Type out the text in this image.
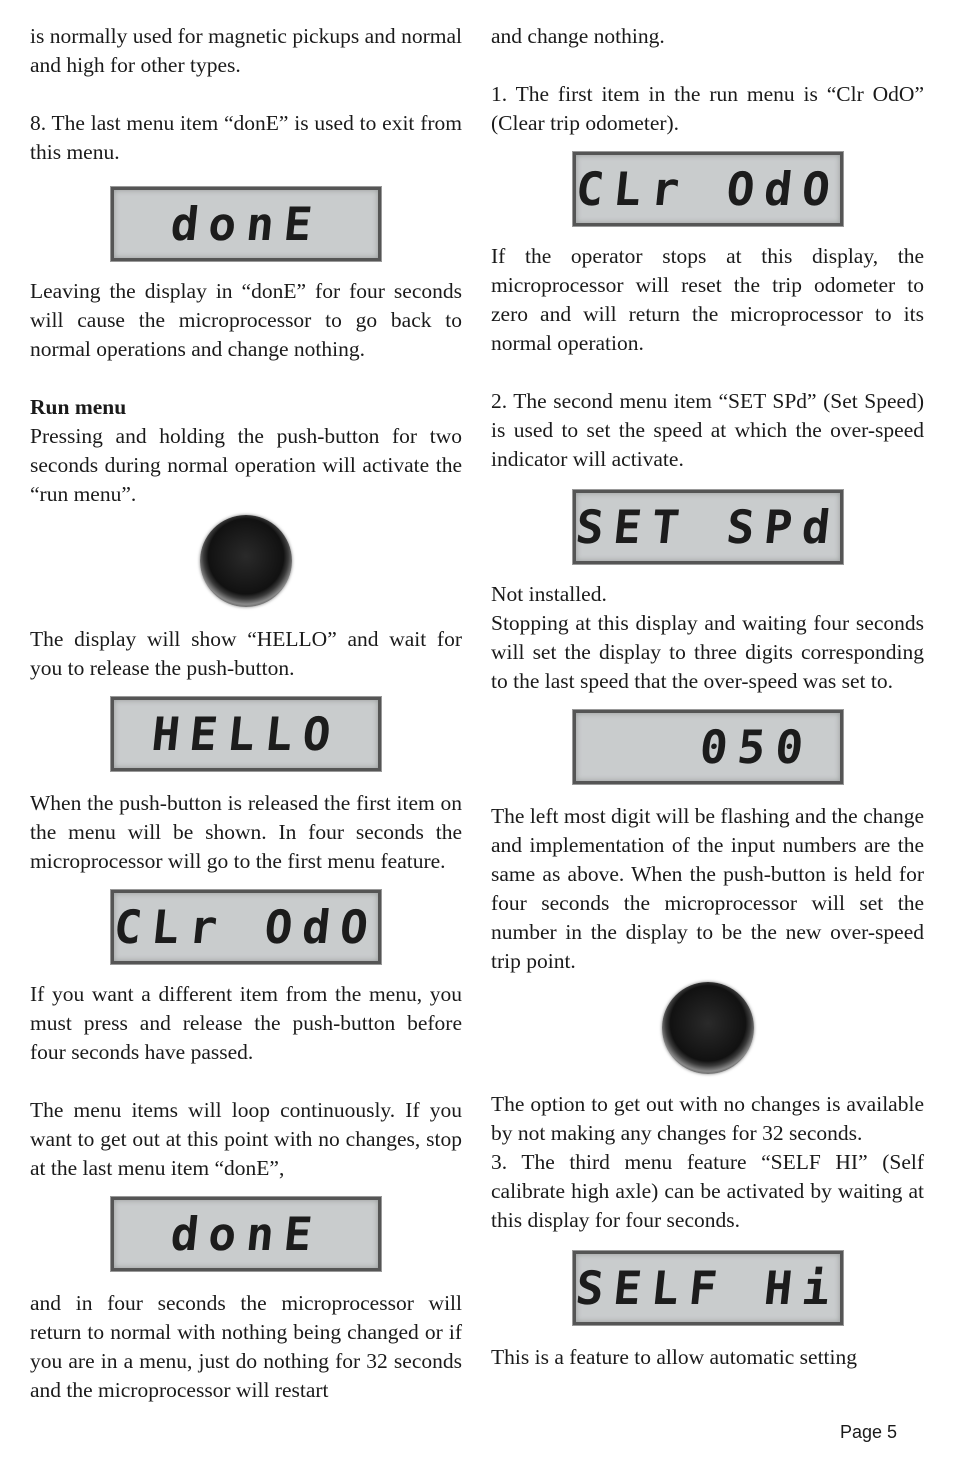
is normally used for magnetic pickups and normal and high for other types.

8. The last menu item “donE” is used to exit from this menu.

donE

Leaving the display in “donE” for four seconds will cause the microprocessor to go back to normal operations and change nothing.

Run menu

Pressing and holding the push-button for two seconds during normal operation will activate the “run menu”.

The display will show “HELLO” and wait for you to release the push-button.

HELLO

When the push-button is released the first item on the menu will be shown. In four seconds the microprocessor will go to the first menu feature.

CLr OdO

If you want a different item from the menu, you must press and release the push-button before four seconds have passed.

The menu items will loop continuously. If you want to get out at this point with no changes, stop at the last menu item “donE”,

donE

and in four seconds the microprocessor will return to normal with nothing being changed or if you are in a menu, just do nothing for 32 seconds and the microprocessor will restart

and change nothing.

1. The first item in the run menu is “Clr OdO” (Clear trip odometer).

CLr OdO

If the operator stops at this display, the microprocessor will reset the trip odometer to zero and will return the microprocessor to its normal operation.

2. The second menu item “SET SPd” (Set Speed) is used to set the speed at which the over-speed indicator will activate.

SET SPd

Not installed.

Stopping at this display and waiting four seconds will set the display to three digits corresponding to the last speed that the over-speed was set to.

050

The left most digit will be flashing and the change and implementation of the input numbers are the same as above. When the push-button is held for four seconds the microprocessor will set the number in the display to be the new over-speed trip point.

The option to get out with no changes is available by not making any changes for 32 seconds.

3. The third menu feature “SELF HI” (Self calibrate high axle) can be activated by waiting at this display for four seconds.

SELF Hi

This is a feature to allow automatic setting

Page 5
